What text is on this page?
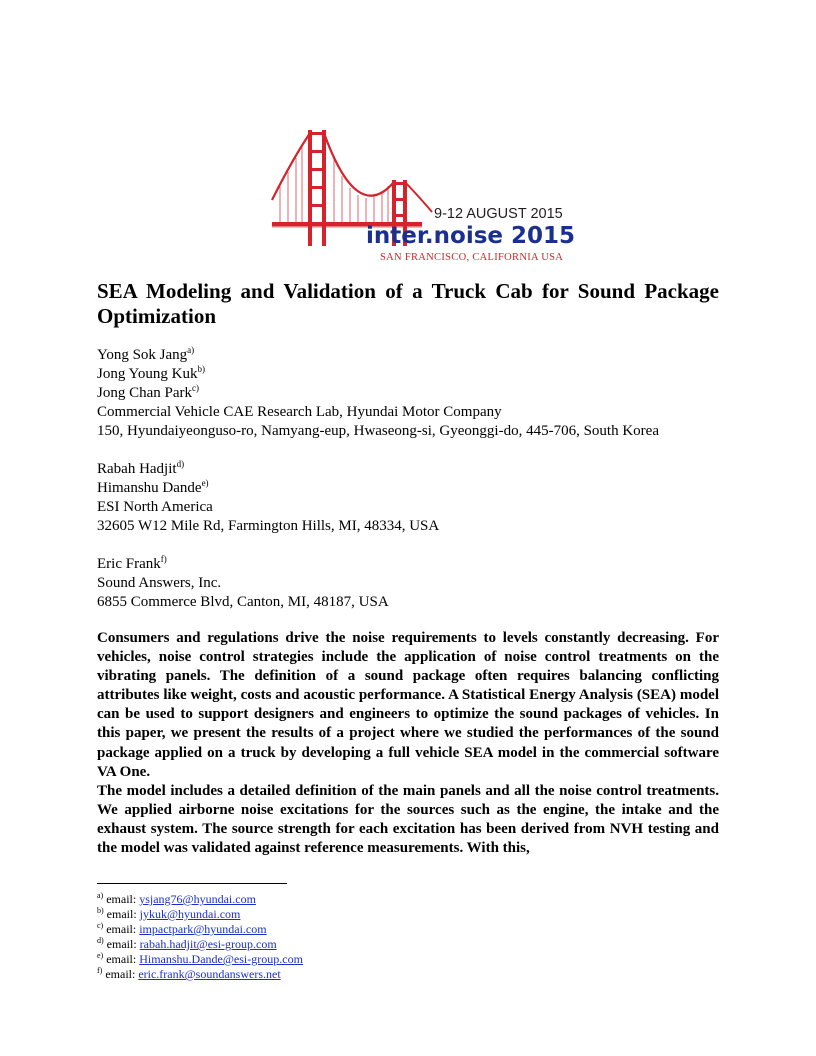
9-12 AUGUST 2015
inter.noise 2015
SAN FRANCISCO, CALIFORNIA USA
SEA Modeling and Validation of a Truck Cab for Sound Package Optimization
Yong Sok Jang$^{a)}$
Jong Young Kuk$^{b)}$
Jong Chan Park$^{c)}$
Commercial Vehicle CAE Research Lab, Hyundai Motor Company
150, Hyundaiyeonguso-ro, Namyang-eup, Hwaseong-si, Gyeonggi-do, 445-706, South Korea
Rabah Hadjit$^{d)}$
Himanshu Dande$^{e)}$
ESI North America
32605 W12 Mile Rd, Farmington Hills, MI, 48334, USA
Eric Frank$^{f)}$
Sound Answers, Inc.
6855 Commerce Blvd, Canton, MI, 48187, USA

Consumers and regulations drive the noise requirements to levels constantly decreasing. For vehicles, noise control strategies include the application of noise control treatments on the vibrating panels. The definition of a sound package often requires balancing conflicting attributes like weight, costs and acoustic performance. A Statistical Energy Analysis (SEA) model can be used to support designers and engineers to optimize the sound packages of vehicles. In this paper, we present the results of a project where we studied the performances of the sound package applied on a truck by developing a full vehicle SEA model in the commercial software VA One.

The model includes a detailed definition of the main panels and all the noise control treatments. We applied airborne noise excitations for the sources such as the engine, the intake and the exhaust system. The source strength for each excitation has been derived from NVH testing and the model was validated against reference measurements. With this,

$^{a)}$ email: ysjang76@hyundai.com
$^{b)}$ email: jykuk@hyundai.com
$^{c)}$ email: impactpark@hyundai.com
$^{d)}$ email: rabah.hadjit@esi-group.com
$^{e)}$ email: Himanshu.Dande@esi-group.com
$^{f)}$ email: eric.frank@soundanswers.net
